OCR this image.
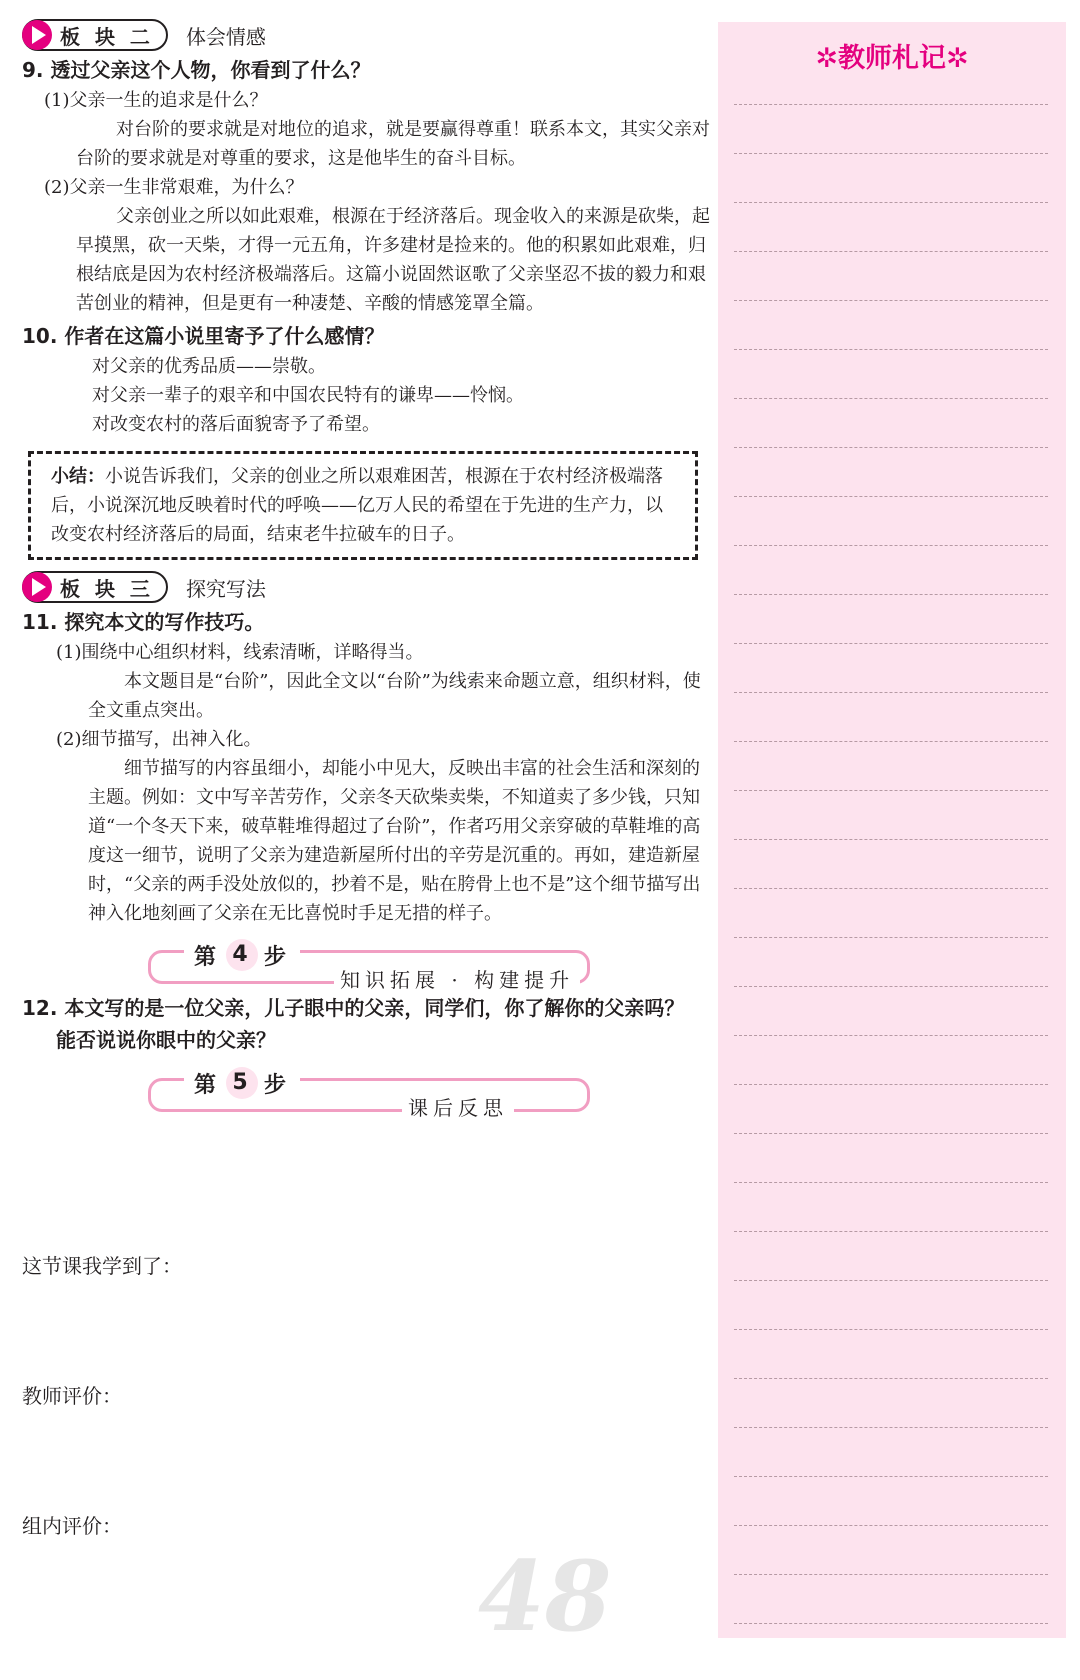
板 块 二 体会情感
9. 透过父亲这个人物，你看到了什么？
(1)父亲一生的追求是什么？
对台阶的要求就是对地位的追求，就是要赢得尊重！联系本文，其实父亲对台阶的要求就是对尊重的要求，这是他毕生的奋斗目标。
(2)父亲一生非常艰难，为什么？
父亲创业之所以如此艰难，根源在于经济落后。现金收入的来源是砍柴，起早摸黑，砍一天柴，才得一元五角，许多建材是捡来的。他的积累如此艰难，归根结底是因为农村经济极端落后。这篇小说固然讴歌了父亲坚忍不拔的毅力和艰苦创业的精神，但是更有一种凄楚、辛酸的情感笼罩全篇。
10. 作者在这篇小说里寄予了什么感情？
对父亲的优秀品质——崇敬。
对父亲一辈子的艰辛和中国农民特有的谦卑——怜悯。
对改变农村的落后面貌寄予了希望。
小结：小说告诉我们，父亲的创业之所以艰难困苦，根源在于农村经济极端落后，小说深沉地反映着时代的呼唤——亿万人民的希望在于先进的生产力，以改变农村经济落后的局面，结束老牛拉破车的日子。
板 块 三 探究写法
11. 探究本文的写作技巧。
(1)围绕中心组织材料，线索清晰，详略得当。
本文题目是“台阶”，因此全文以“台阶”为线索来命题立意，组织材料，使全文重点突出。
(2)细节描写，出神入化。
细节描写的内容虽细小，却能小中见大，反映出丰富的社会生活和深刻的主题。例如：文中写辛苦劳作，父亲冬天砍柴卖柴，不知道卖了多少钱，只知道“一个冬天下来，破草鞋堆得超过了台阶”，作者巧用父亲穿破的草鞋堆的高度这一细节，说明了父亲为建造新屋所付出的辛劳是沉重的。再如，建造新屋时，“父亲的两手没处放似的，抄着不是，贴在胯骨上也不是”这个细节描写出神入化地刻画了父亲在无比喜悦时手足无措的样子。
第 4 步
知识拓展 · 构建提升
12. 本文写的是一位父亲，儿子眼中的父亲，同学们，你了解你的父亲吗？能否说说你眼中的父亲？
第 5 步
课后反思
这节课我学到了：
教师评价：
组内评价：
48
✲教师札记✲
